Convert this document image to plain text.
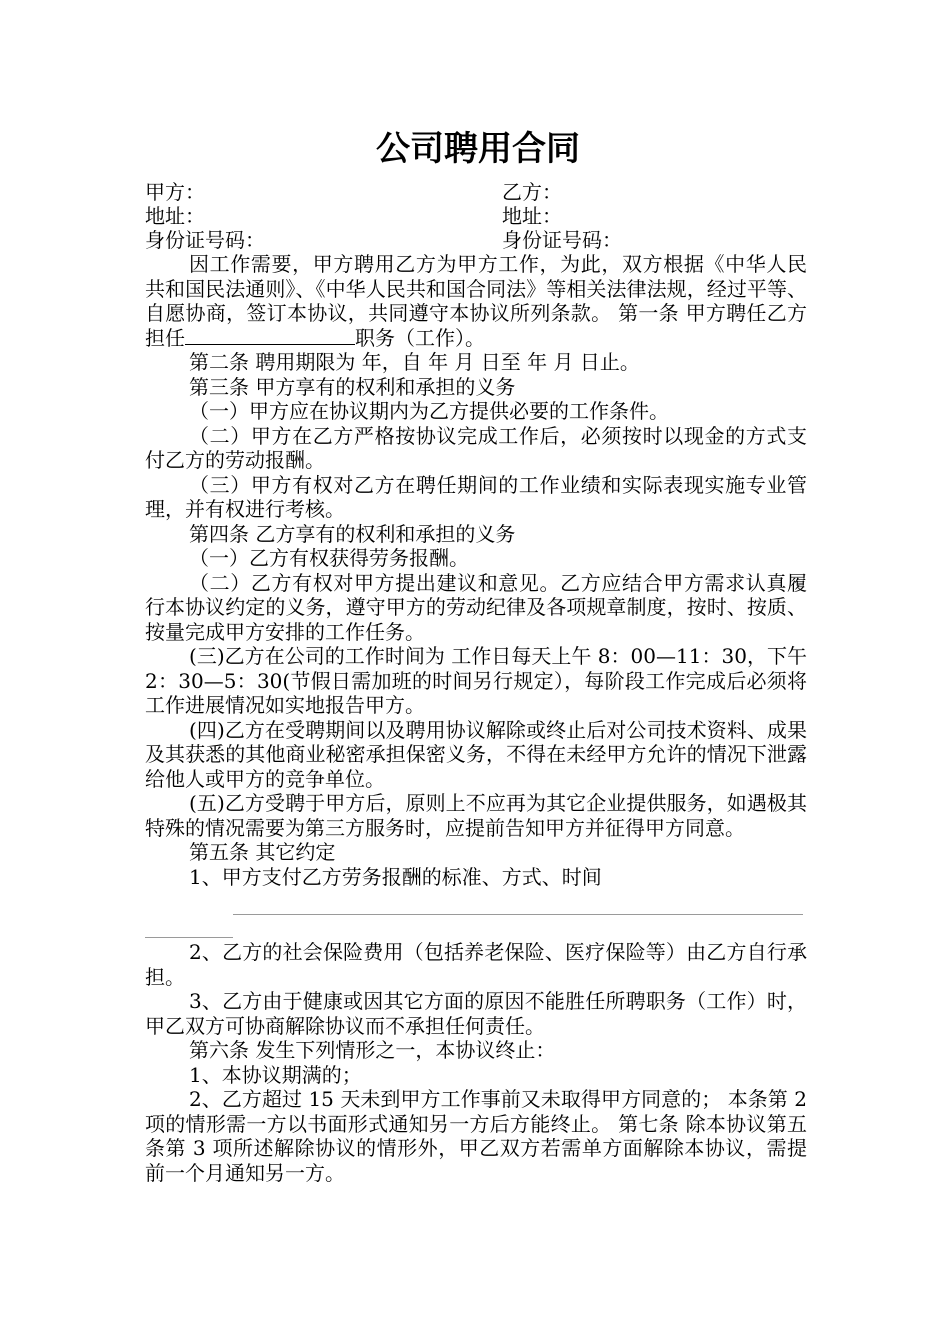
公司聘用合同
甲方：	乙方：
地址：	地址：
身份证号码：	身份证号码：

因工作需要，甲方聘用乙方为甲方工作，为此，双方根据《中华人民共和国民法通则》、《中华人民共和国合同法》等相关法律法规，经过平等、自愿协商，签订本协议，共同遵守本协议所列条款。 第一条 甲方聘任乙方担任	职务（工作）。

第二条 聘用期限为 年，自 年 月 日至 年 月 日止。

第三条 甲方享有的权利和承担的义务

（一）甲方应在协议期内为乙方提供必要的工作条件。

（二）甲方在乙方严格按协议完成工作后，必须按时以现金的方式支付乙方的劳动报酬。

（三）甲方有权对乙方在聘任期间的工作业绩和实际表现实施专业管理，并有权进行考核。

第四条 乙方享有的权利和承担的义务

（一）乙方有权获得劳务报酬。

（二）乙方有权对甲方提出建议和意见。乙方应结合甲方需求认真履行本协议约定的义务，遵守甲方的劳动纪律及各项规章制度，按时、按质、按量完成甲方安排的工作任务。

(三)乙方在公司的工作时间为 工作日每天上午 8：00—11：30，下午 2：30—5：30(节假日需加班的时间另行规定），每阶段工作完成后必须将工作进展情况如实地报告甲方。

(四)乙方在受聘期间以及聘用协议解除或终止后对公司技术资料、成果及其获悉的其他商业秘密承担保密义务，不得在未经甲方允许的情况下泄露给他人或甲方的竞争单位。

(五)乙方受聘于甲方后，原则上不应再为其它企业提供服务，如遇极其特殊的情况需要为第三方服务时，应提前告知甲方并征得甲方同意。

第五条 其它约定

1、甲方支付乙方劳务报酬的标准、方式、时间

2、乙方的社会保险费用（包括养老保险、医疗保险等）由乙方自行承担。

3、乙方由于健康或因其它方面的原因不能胜任所聘职务（工作）时，甲乙双方可协商解除协议而不承担任何责任。

第六条 发生下列情形之一，本协议终止：

1、本协议期满的；

2、乙方超过 15 天未到甲方工作事前又未取得甲方同意的； 本条第 2 项的情形需一方以书面形式通知另一方后方能终止。 第七条 除本协议第五条第 3 项所述解除协议的情形外，甲乙双方若需单方面解除本协议，需提前一个月通知另一方。
